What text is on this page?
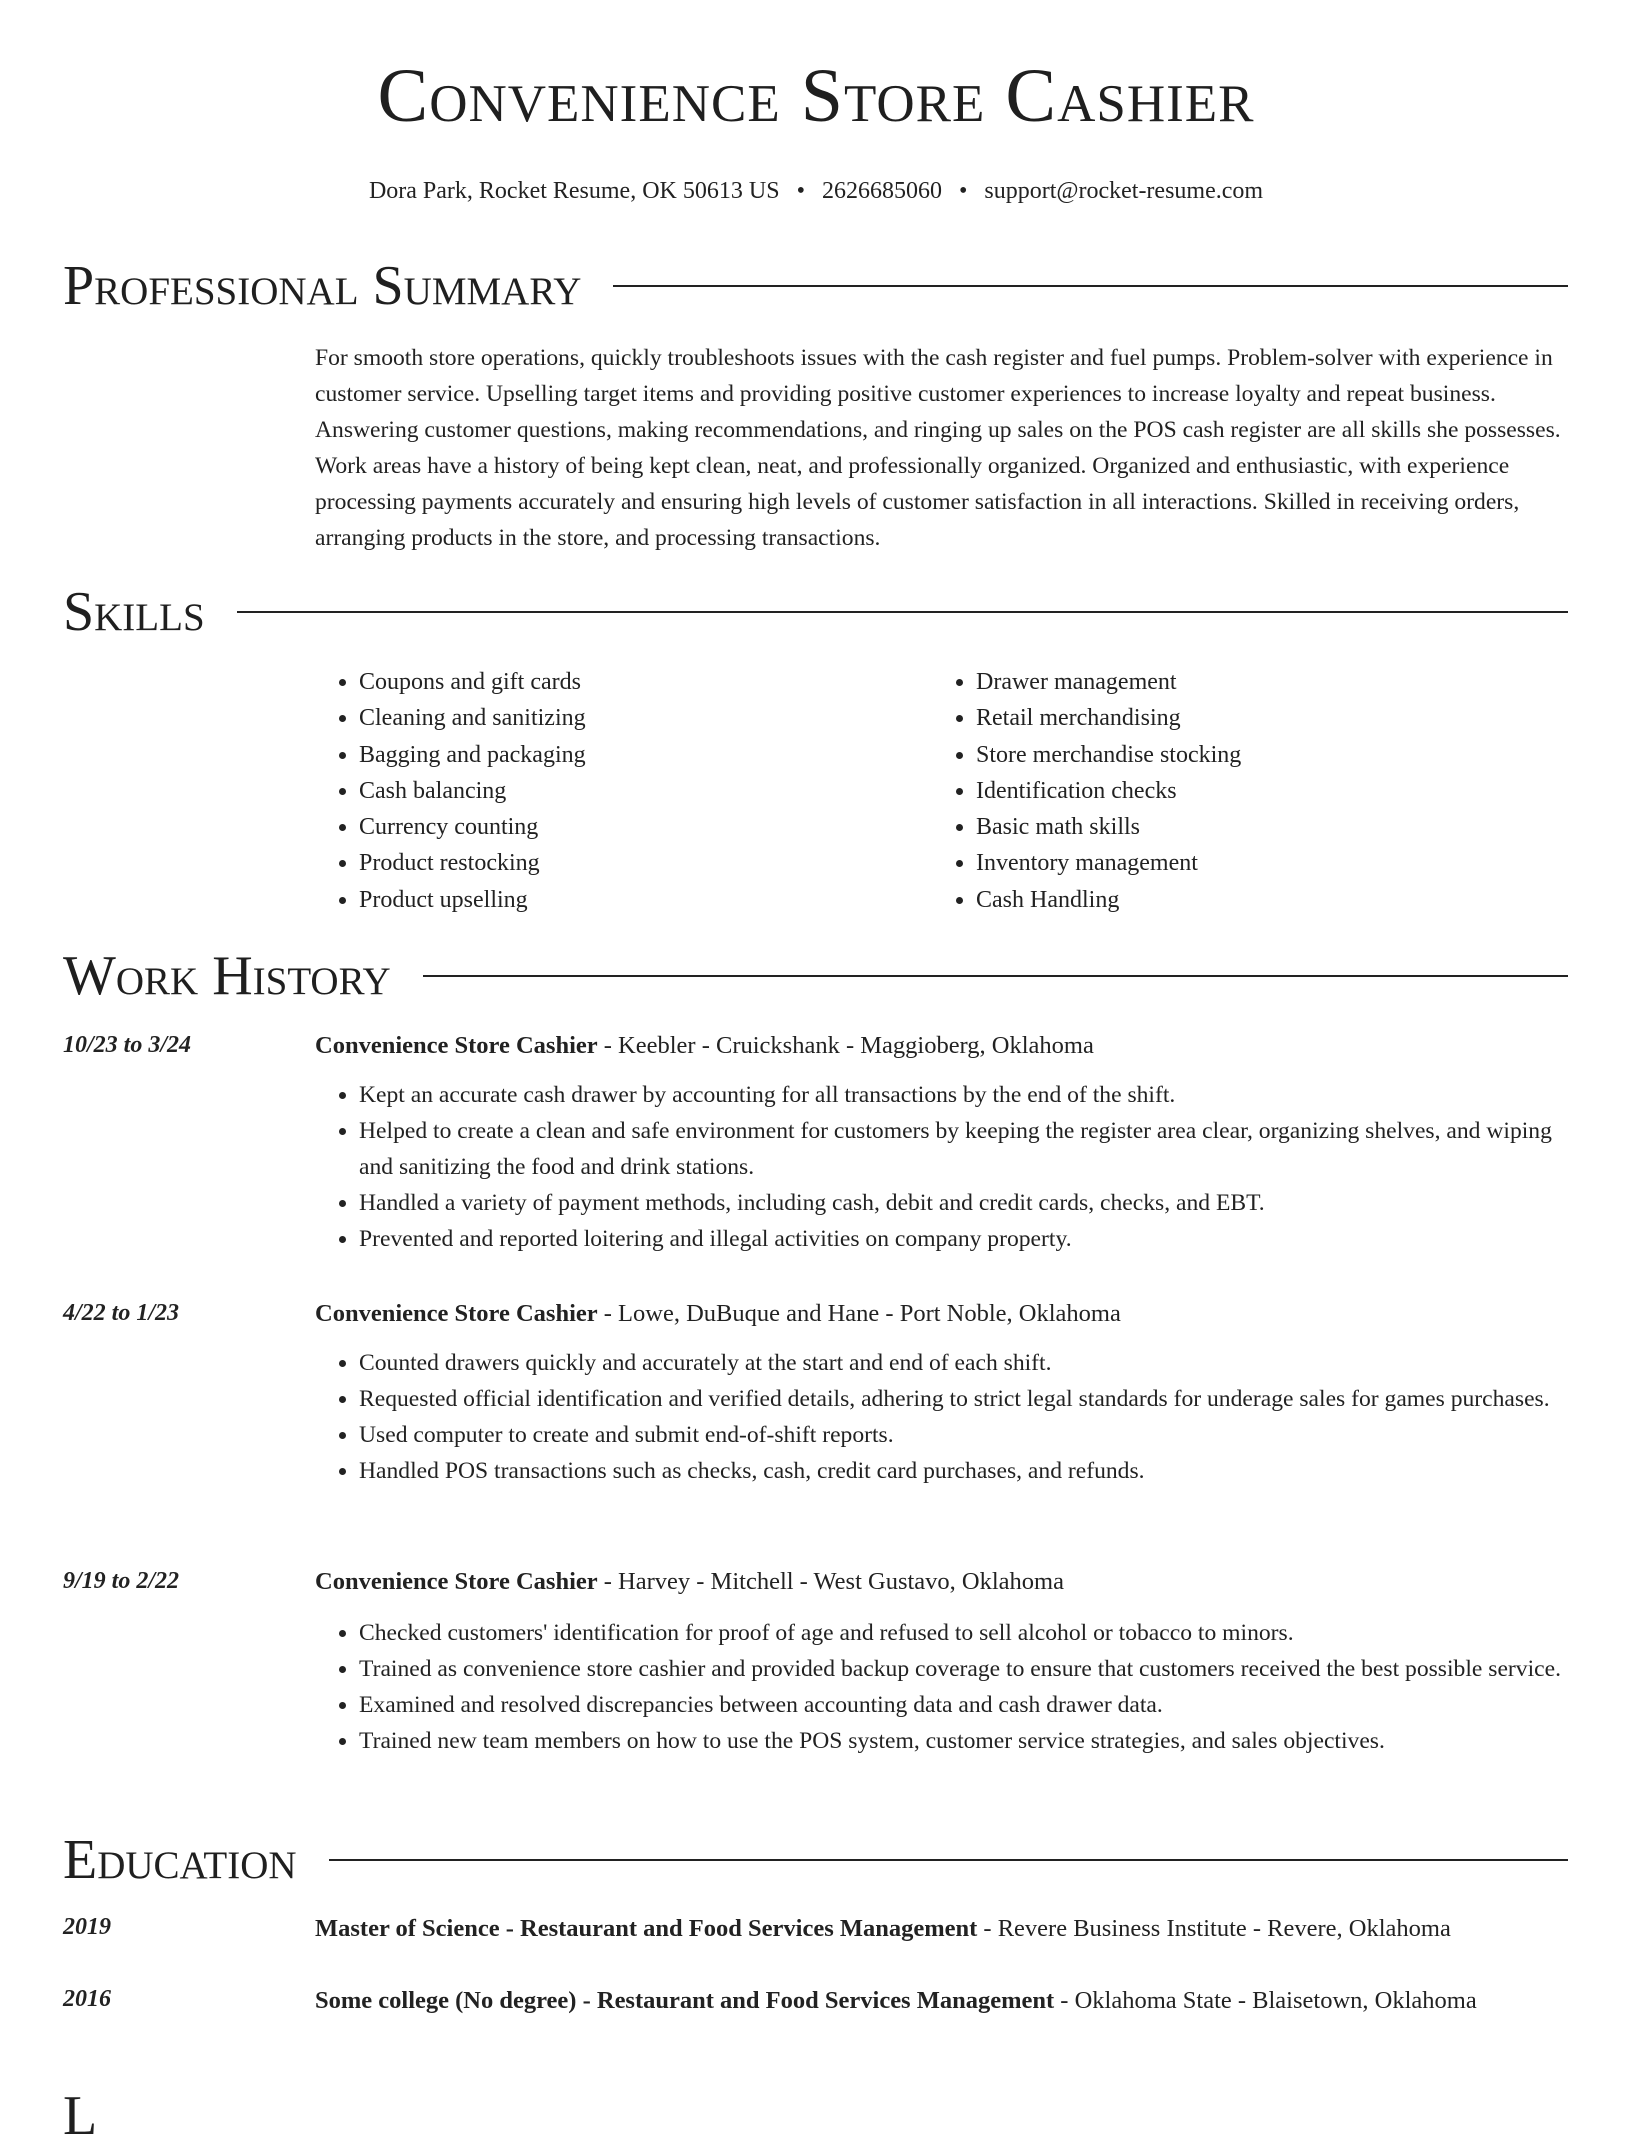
Convenience Store Cashier
Dora Park, Rocket Resume, OK 50613 US • 2626685060 • support@rocket-resume.com
Professional Summary
For smooth store operations, quickly troubleshoots issues with the cash register and fuel pumps. Problem-solver with experience in customer service. Upselling target items and providing positive customer experiences to increase loyalty and repeat business. Answering customer questions, making recommendations, and ringing up sales on the POS cash register are all skills she possesses. Work areas have a history of being kept clean, neat, and professionally organized. Organized and enthusiastic, with experience processing payments accurately and ensuring high levels of customer satisfaction in all interactions. Skilled in receiving orders, arranging products in the store, and processing transactions.
Skills
• Coupons and gift cards
• Cleaning and sanitizing
• Bagging and packaging
• Cash balancing
• Currency counting
• Product restocking
• Product upselling
• Drawer management
• Retail merchandising
• Store merchandise stocking
• Identification checks
• Basic math skills
• Inventory management
• Cash Handling
Work History
10/23 to 3/24	Convenience Store Cashier - Keebler - Cruickshank - Maggioberg, Oklahoma
• Kept an accurate cash drawer by accounting for all transactions by the end of the shift.
• Helped to create a clean and safe environment for customers by keeping the register area clear, organizing shelves, and wiping and sanitizing the food and drink stations.
• Handled a variety of payment methods, including cash, debit and credit cards, checks, and EBT.
• Prevented and reported loitering and illegal activities on company property.
4/22 to 1/23	Convenience Store Cashier - Lowe, DuBuque and Hane - Port Noble, Oklahoma
• Counted drawers quickly and accurately at the start and end of each shift.
• Requested official identification and verified details, adhering to strict legal standards for underage sales for games purchases.
• Used computer to create and submit end-of-shift reports.
• Handled POS transactions such as checks, cash, credit card purchases, and refunds.
9/19 to 2/22	Convenience Store Cashier - Harvey - Mitchell - West Gustavo, Oklahoma
• Checked customers' identification for proof of age and refused to sell alcohol or tobacco to minors.
• Trained as convenience store cashier and provided backup coverage to ensure that customers received the best possible service.
• Examined and resolved discrepancies between accounting data and cash drawer data.
• Trained new team members on how to use the POS system, customer service strategies, and sales objectives.
Education
2019	Master of Science - Restaurant and Food Services Management - Revere Business Institute - Revere, Oklahoma
2016	Some college (No degree) - Restaurant and Food Services Management - Oklahoma State - Blaisetown, Oklahoma
L
